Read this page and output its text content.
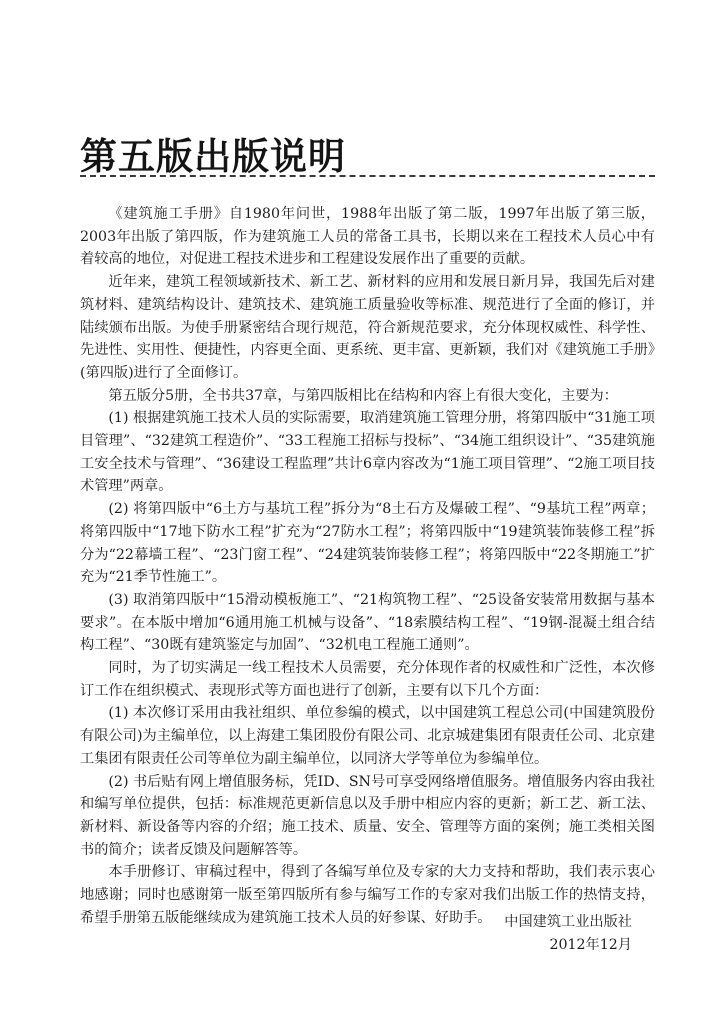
第五版出版说明

《建筑施工手册》自1980年问世，1988年出版了第二版，1997年出版了第三版，2003年出版了第四版，作为建筑施工人员的常备工具书，长期以来在工程技术人员心中有着较高的地位，对促进工程技术进步和工程建设发展作出了重要的贡献。

近年来，建筑工程领域新技术、新工艺、新材料的应用和发展日新月异，我国先后对建筑材料、建筑结构设计、建筑技术、建筑施工质量验收等标准、规范进行了全面的修订，并陆续颁布出版。为使手册紧密结合现行规范，符合新规范要求，充分体现权威性、科学性、先进性、实用性、便捷性，内容更全面、更系统、更丰富、更新颖，我们对《建筑施工手册》(第四版)进行了全面修订。

第五版分5册，全书共37章，与第四版相比在结构和内容上有很大变化，主要为：

(1) 根据建筑施工技术人员的实际需要，取消建筑施工管理分册，将第四版中“31施工项目管理”、“32建筑工程造价”、“33工程施工招标与投标”、“34施工组织设计”、“35建筑施工安全技术与管理”、“36建设工程监理”共计6章内容改为“1施工项目管理”、“2施工项目技术管理”两章。

(2) 将第四版中“6土方与基坑工程”拆分为“8土石方及爆破工程”、“9基坑工程”两章；将第四版中“17地下防水工程”扩充为“27防水工程”；将第四版中“19建筑装饰装修工程”拆分为“22幕墙工程”、“23门窗工程”、“24建筑装饰装修工程”；将第四版中“22冬期施工”扩充为“21季节性施工”。

(3) 取消第四版中“15滑动模板施工”、“21构筑物工程”、“25设备安装常用数据与基本要求”。在本版中增加“6通用施工机械与设备”、“18索膜结构工程”、“19钢-混凝土组合结构工程”、“30既有建筑鉴定与加固”、“32机电工程施工通则”。

同时，为了切实满足一线工程技术人员需要，充分体现作者的权威性和广泛性，本次修订工作在组织模式、表现形式等方面也进行了创新，主要有以下几个方面：

(1) 本次修订采用由我社组织、单位参编的模式，以中国建筑工程总公司(中国建筑股份有限公司)为主编单位，以上海建工集团股份有限公司、北京城建集团有限责任公司、北京建工集团有限责任公司等单位为副主编单位，以同济大学等单位为参编单位。

(2) 书后贴有网上增值服务标，凭ID、SN号可享受网络增值服务。增值服务内容由我社和编写单位提供，包括：标准规范更新信息以及手册中相应内容的更新；新工艺、新工法、新材料、新设备等内容的介绍；施工技术、质量、安全、管理等方面的案例；施工类相关图书的简介；读者反馈及问题解答等。

本手册修订、审稿过程中，得到了各编写单位及专家的大力支持和帮助，我们表示衷心地感谢；同时也感谢第一版至第四版所有参与编写工作的专家对我们出版工作的热情支持，希望手册第五版能继续成为建筑施工技术人员的好参谋、好助手。 中国建筑工业出版社
2012年12月
